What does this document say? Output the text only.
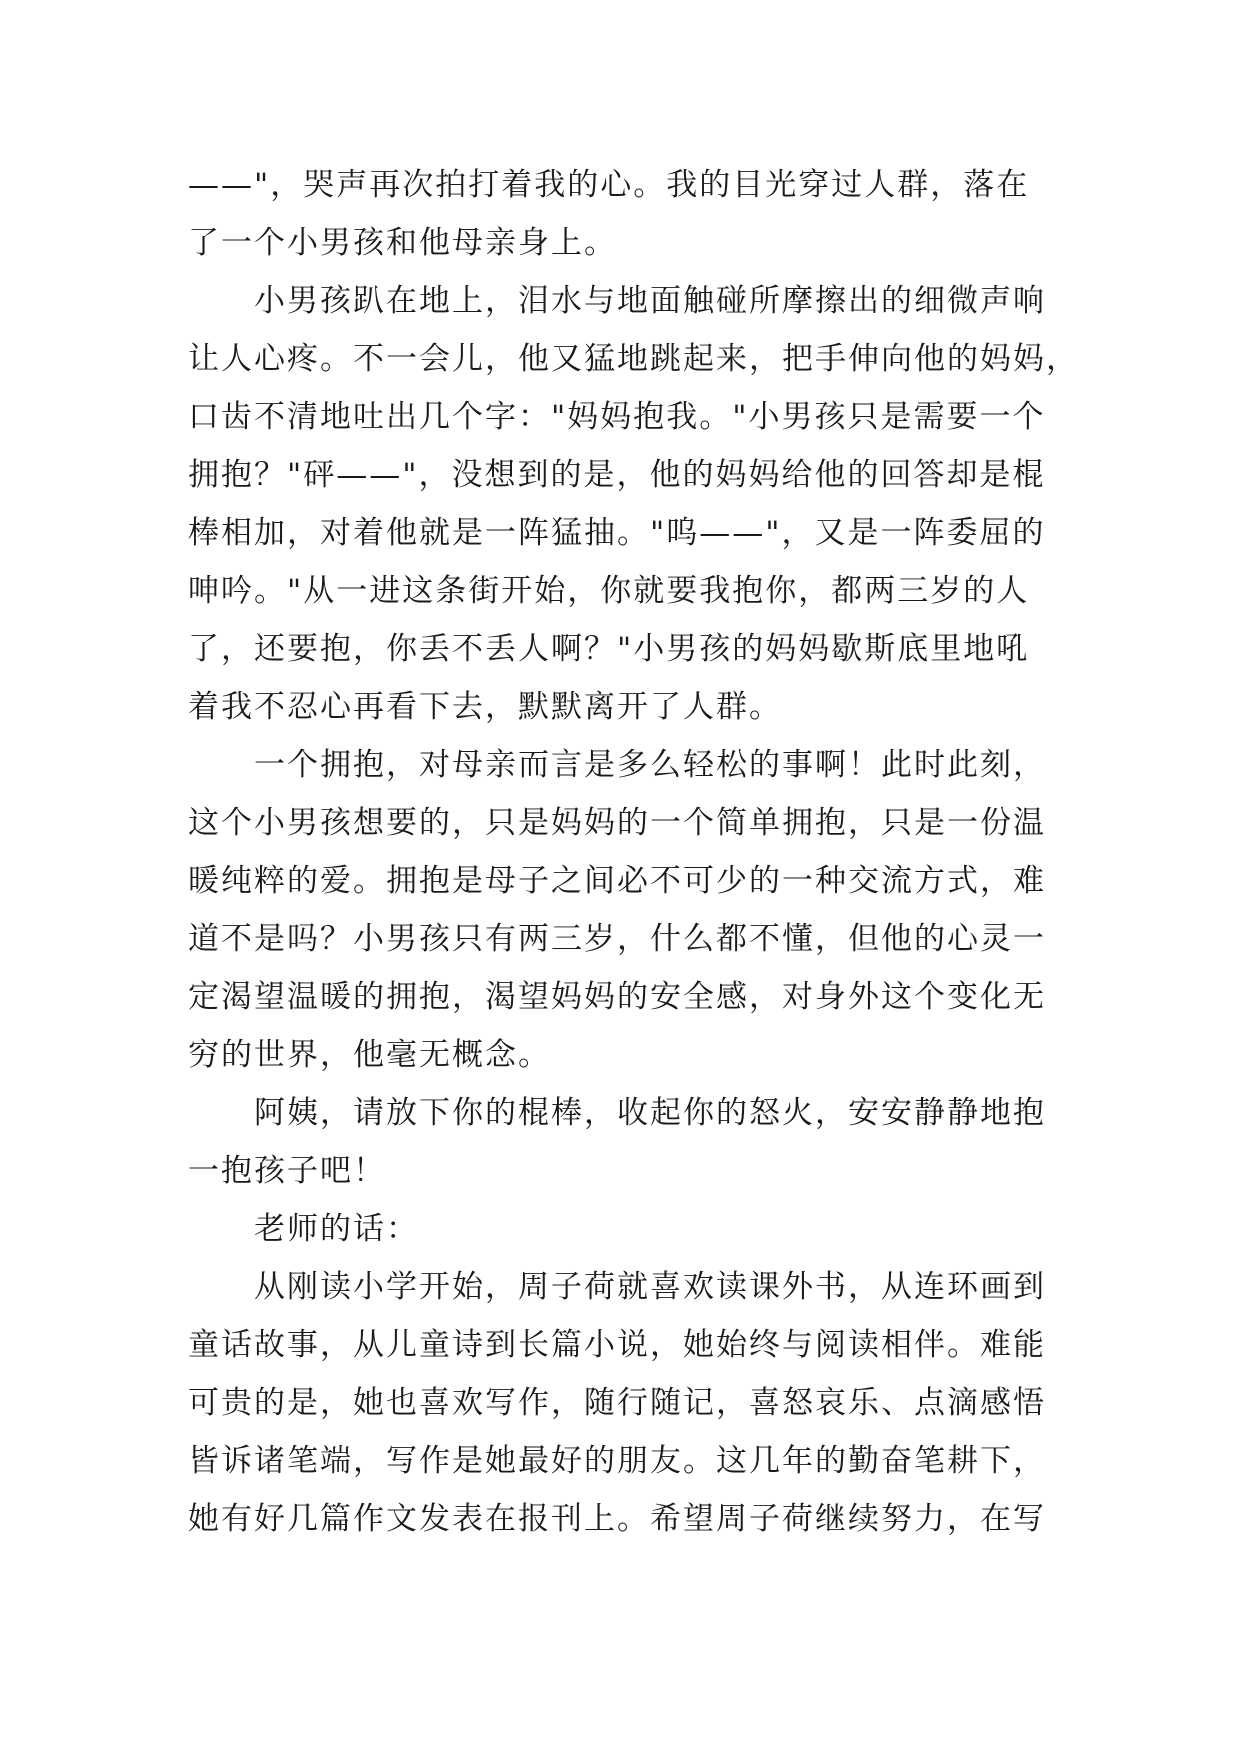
——"，哭声再次拍打着我的心。我的目光穿过人群，落在

了一个小男孩和他母亲身上。

小男孩趴在地上，泪水与地面触碰所摩擦出的细微声响

让人心疼。不一会儿，他又猛地跳起来，把手伸向他的妈妈，

口齿不清地吐出几个字："妈妈抱我。"小男孩只是需要一个

拥抱？"砰——"，没想到的是，他的妈妈给他的回答却是棍

棒相加，对着他就是一阵猛抽。"呜——"，又是一阵委屈的

呻吟。"从一进这条街开始，你就要我抱你，都两三岁的人

了，还要抱，你丢不丢人啊？"小男孩的妈妈歇斯底里地吼

着我不忍心再看下去，默默离开了人群。

一个拥抱，对母亲而言是多么轻松的事啊！此时此刻，

这个小男孩想要的，只是妈妈的一个简单拥抱，只是一份温

暖纯粹的爱。拥抱是母子之间必不可少的一种交流方式，难

道不是吗？小男孩只有两三岁，什么都不懂，但他的心灵一

定渴望温暖的拥抱，渴望妈妈的安全感，对身外这个变化无

穷的世界，他毫无概念。

阿姨，请放下你的棍棒，收起你的怒火，安安静静地抱

一抱孩子吧！

老师的话：

从刚读小学开始，周子荷就喜欢读课外书，从连环画到

童话故事，从儿童诗到长篇小说，她始终与阅读相伴。难能

可贵的是，她也喜欢写作，随行随记，喜怒哀乐、点滴感悟

皆诉诸笔端，写作是她最好的朋友。这几年的勤奋笔耕下，

她有好几篇作文发表在报刊上。希望周子荷继续努力，在写
